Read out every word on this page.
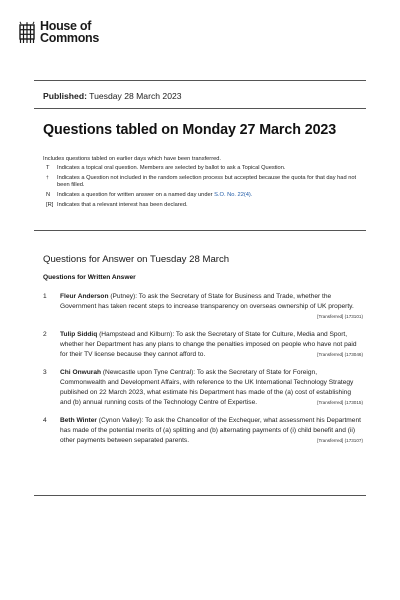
House of
Commons
Published: Tuesday 28 March 2023
Questions tabled on Monday 27 March 2023
Includes questions tabled on earlier days which have been transferred.
T	Indicates a topical oral question. Members are selected by ballot to ask a Topical Question.
†	Indicates a Question not included in the random selection process but accepted because the quota for that day had not been filled.
N	Indicates a question for written answer on a named day under S.O. No. 22(4).
[R] Indicates that a relevant interest has been declared.
Questions for Answer on Tuesday 28 March
Questions for Written Answer
1	Fleur Anderson (Putney): To ask the Secretary of State for Business and Trade, whether the Government has taken recent steps to increase transparency on overseas ownership of UK property.
[Transferred] (173101)
2	Tulip Siddiq (Hampstead and Kilburn): To ask the Secretary of State for Culture, Media and Sport, whether her Department has any plans to change the penalties imposed on people who have not paid for their TV license because they cannot afford to.	[Transferred] (173046)
3	Chi Onwurah (Newcastle upon Tyne Central): To ask the Secretary of State for Foreign, Commonwealth and Development Affairs, with reference to the UK International Technology Strategy published on 22 March 2023, what estimate his Department has made of the (a) cost of establishing and (b) annual running costs of the Technology Centre of Expertise.	[Transferred] (173015)
4	Beth Winter (Cynon Valley): To ask the Chancellor of the Exchequer, what assessment his Department has made of the potential merits of (a) splitting and (b) alternating payments of (i) child benefit and (ii) other payments between separated parents.	[Transferred] (173107)
